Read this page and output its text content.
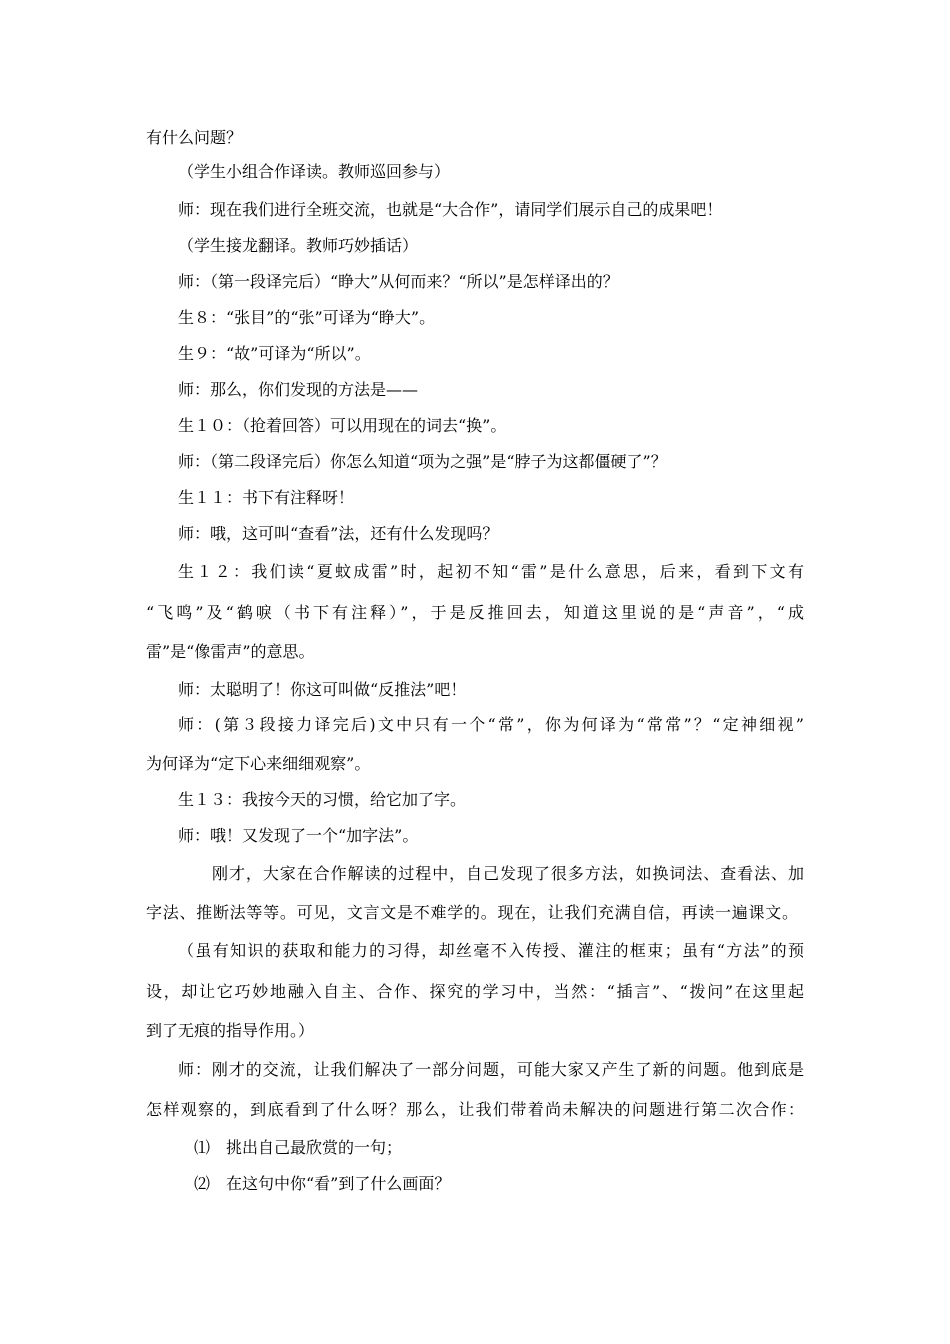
有什么问题？
（学生小组合作译读。教师巡回参与）
师：现在我们进行全班交流，也就是“大合作”，请同学们展示自己的成果吧！
（学生接龙翻译。教师巧妙插话）
师：（第一段译完后）“睁大”从何而来？“所以”是怎样译出的？
生８：“张目”的“张”可译为“睁大”。
生９：“故”可译为“所以”。
师：那么，你们发现的方法是——
生１０：（抢着回答）可以用现在的词去“换”。
师：（第二段译完后）你怎么知道“项为之强”是“脖子为这都僵硬了”？
生１１：书下有注释呀！
师：哦，这可叫“查看”法，还有什么发现吗？
生１２：我们读“夏蚊成雷”时，起初不知“雷”是什么意思，后来，看到下文有
“飞鸣”及“鹤唳（书下有注释）”，于是反推回去，知道这里说的是“声音”，“成
雷”是“像雷声”的意思。
师：太聪明了！你这可叫做“反推法”吧！
师：(第３段接力译完后)文中只有一个“常”，你为何译为“常常”？“定神细视”
为何译为“定下心来细细观察”。
生１３：我按今天的习惯，给它加了字。
师：哦！又发现了一个“加字法”。
刚才，大家在合作解读的过程中，自己发现了很多方法，如换词法、查看法、加
字法、推断法等等。可见，文言文是不难学的。现在，让我们充满自信，再读一遍课文。
（虽有知识的获取和能力的习得，却丝毫不入传授、灌注的框束；虽有“方法”的预
设，却让它巧妙地融入自主、合作、探究的学习中，当然：“插言”、“拨问”在这里起
到了无痕的指导作用。）
师：刚才的交流，让我们解决了一部分问题，可能大家又产生了新的问题。他到底是
怎样观察的，到底看到了什么呀？那么，让我们带着尚未解决的问题进行第二次合作：
⑴　挑出自己最欣赏的一句；
⑵　在这句中你“看”到了什么画面？
